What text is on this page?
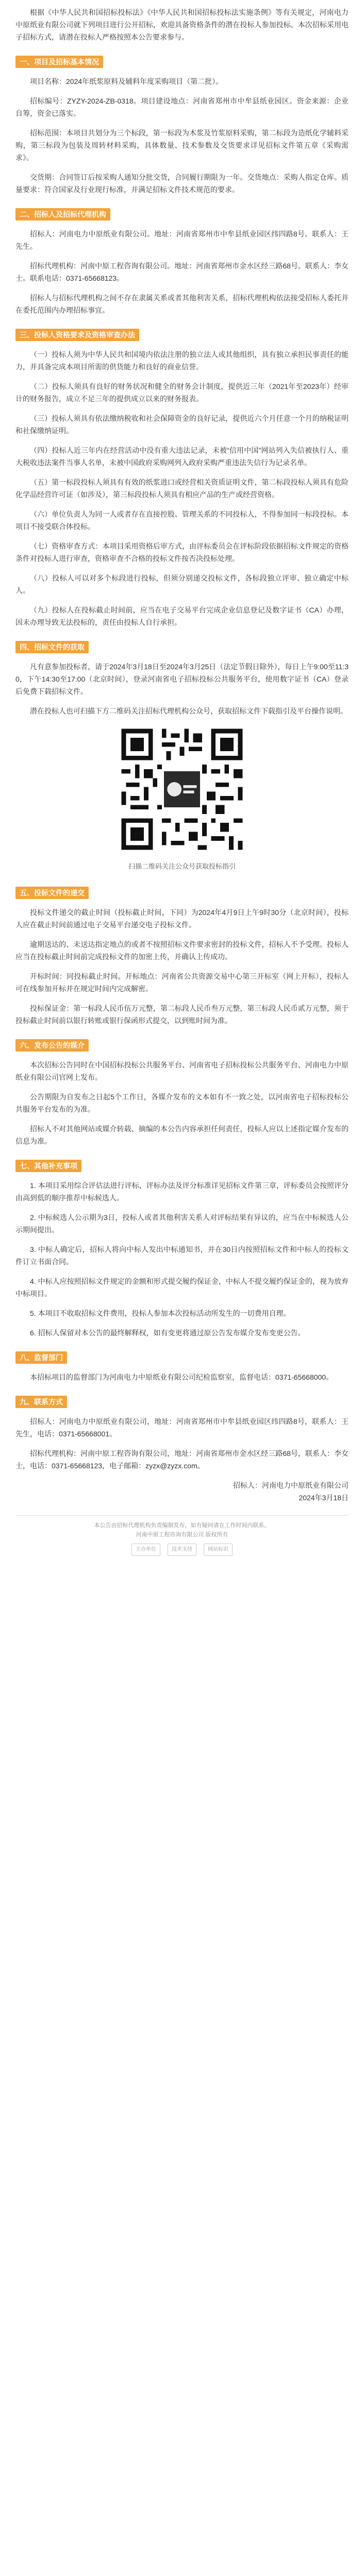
根据《中华人民共和国招标投标法》《中华人民共和国招标投标法实施条例》等有关规定，河南电力中原纸业有限公司就下列项目进行公开招标，欢迎具备资格条件的潜在投标人参加投标。本次招标采用电子招标方式，请潜在投标人严格按照本公告要求参与。

一、项目及招标基本情况

项目名称：2024年纸浆原料及辅料年度采购项目（第二批）。

招标编号：ZYZY-2024-ZB-0318。项目建设地点：河南省郑州市中牟县纸业园区。资金来源：企业自筹，资金已落实。

招标范围：本项目共划分为三个标段，第一标段为木浆及竹浆原料采购，第二标段为造纸化学辅料采购，第三标段为包装及周转材料采购，具体数量、技术参数及交货要求详见招标文件第五章《采购需求》。

交货期：合同签订后按采购人通知分批交货，合同履行期限为一年。交货地点：采购人指定仓库。质量要求：符合国家及行业现行标准，并满足招标文件技术规范的要求。

二、招标人及招标代理机构

招标人：河南电力中原纸业有限公司。地址：河南省郑州市中牟县纸业园区纬四路8号。联系人：王先生。

招标代理机构：河南中原工程咨询有限公司。地址：河南省郑州市金水区经三路68号。联系人：李女士。联系电话：0371-65668123。

招标人与招标代理机构之间不存在隶属关系或者其他利害关系，招标代理机构依法接受招标人委托并在委托范围内办理招标事宜。

三、投标人资格要求及资格审查办法

（一）投标人须为中华人民共和国境内依法注册的独立法人或其他组织，具有独立承担民事责任的能力，并具备完成本项目所需的供货能力和良好的商业信誉。

（二）投标人须具有良好的财务状况和健全的财务会计制度，提供近三年（2021年至2023年）经审计的财务报告，成立不足三年的提供成立以来的财务报表。

（三）投标人须具有依法缴纳税收和社会保障资金的良好记录，提供近六个月任意一个月的纳税证明和社保缴纳证明。

（四）投标人近三年内在经营活动中没有重大违法记录，未被“信用中国”网站列入失信被执行人、重大税收违法案件当事人名单，未被中国政府采购网列入政府采购严重违法失信行为记录名单。

（五）第一标段投标人须具有有效的纸浆进口或经营相关资质证明文件，第二标段投标人须具有危险化学品经营许可证（如涉及），第三标段投标人须具有相应产品的生产或经营资格。

（六）单位负责人为同一人或者存在直接控股、管理关系的不同投标人，不得参加同一标段投标。本项目不接受联合体投标。

（七）资格审查方式：本项目采用资格后审方式，由评标委员会在评标阶段依据招标文件规定的资格条件对投标人进行审查，资格审查不合格的投标文件按否决投标处理。

（八）投标人可以对多个标段进行投标，但须分别递交投标文件，各标段独立评审、独立确定中标人。

（九）投标人在投标截止时间前，应当在电子交易平台完成企业信息登记及数字证书（CA）办理，因未办理导致无法投标的，责任由投标人自行承担。

四、招标文件的获取

凡有意参加投标者，请于2024年3月18日至2024年3月25日（法定节假日除外），每日上午9:00至11:30，下午14:30至17:00（北京时间），登录河南省电子招标投标公共服务平台，使用数字证书（CA）登录后免费下载招标文件。

潜在投标人也可扫描下方二维码关注招标代理机构公众号，获取招标文件下载指引及平台操作说明。

扫描二维码关注公众号获取投标指引
五、投标文件的递交

投标文件递交的截止时间（投标截止时间，下同）为2024年4月9日上午9时30分（北京时间），投标人应在截止时间前通过电子交易平台递交电子投标文件。

逾期送达的、未送达指定地点的或者不按照招标文件要求密封的投标文件，招标人不予受理。投标人应当在投标截止时间前完成投标文件的加密上传，并确认上传成功。

开标时间：同投标截止时间。开标地点：河南省公共资源交易中心第三开标室（网上开标），投标人可在线参加开标并在规定时间内完成解密。

投标保证金：第一标段人民币伍万元整，第二标段人民币叁万元整，第三标段人民币贰万元整，须于投标截止时间前以银行转账或银行保函形式提交，以到账时间为准。

六、发布公告的媒介

本次招标公告同时在中国招标投标公共服务平台、河南省电子招标投标公共服务平台、河南电力中原纸业有限公司官网上发布。

公告期限为自发布之日起5个工作日，各媒介发布的文本如有不一致之处，以河南省电子招标投标公共服务平台发布的为准。

招标人不对其他网站或媒介转载、摘编的本公告内容承担任何责任，投标人应以上述指定媒介发布的信息为准。

七、其他补充事项

1. 本项目采用综合评估法进行评标，评标办法及评分标准详见招标文件第三章，评标委员会按照评分由高到低的顺序推荐中标候选人。

2. 中标候选人公示期为3日，投标人或者其他利害关系人对评标结果有异议的，应当在中标候选人公示期间提出。

3. 中标人确定后，招标人将向中标人发出中标通知书，并在30日内按照招标文件和中标人的投标文件订立书面合同。

4. 中标人应按照招标文件规定的金额和形式提交履约保证金，中标人不提交履约保证金的，视为放弃中标项目。

5. 本项目不收取招标文件费用，投标人参加本次投标活动所发生的一切费用自理。

6. 招标人保留对本公告的最终解释权，如有变更将通过原公告发布媒介发布变更公告。

八、监督部门

本招标项目的监督部门为河南电力中原纸业有限公司纪检监察室，监督电话：0371-65668000。

九、联系方式

招标人：河南电力中原纸业有限公司，地址：河南省郑州市中牟县纸业园区纬四路8号，联系人：王先生，电话：0371-65668001。

招标代理机构：河南中原工程咨询有限公司，地址：河南省郑州市金水区经三路68号，联系人：李女士，电话：0371-65668123，电子邮箱：zyzx@zyzx.com。

招标人：河南电力中原纸业有限公司

2024年3月18日

本公告由招标代理机构负责编制发布，如有疑问请在工作时间内联系。
河南中原工程咨询有限公司 版权所有
主办单位	技术支持	网站标识
